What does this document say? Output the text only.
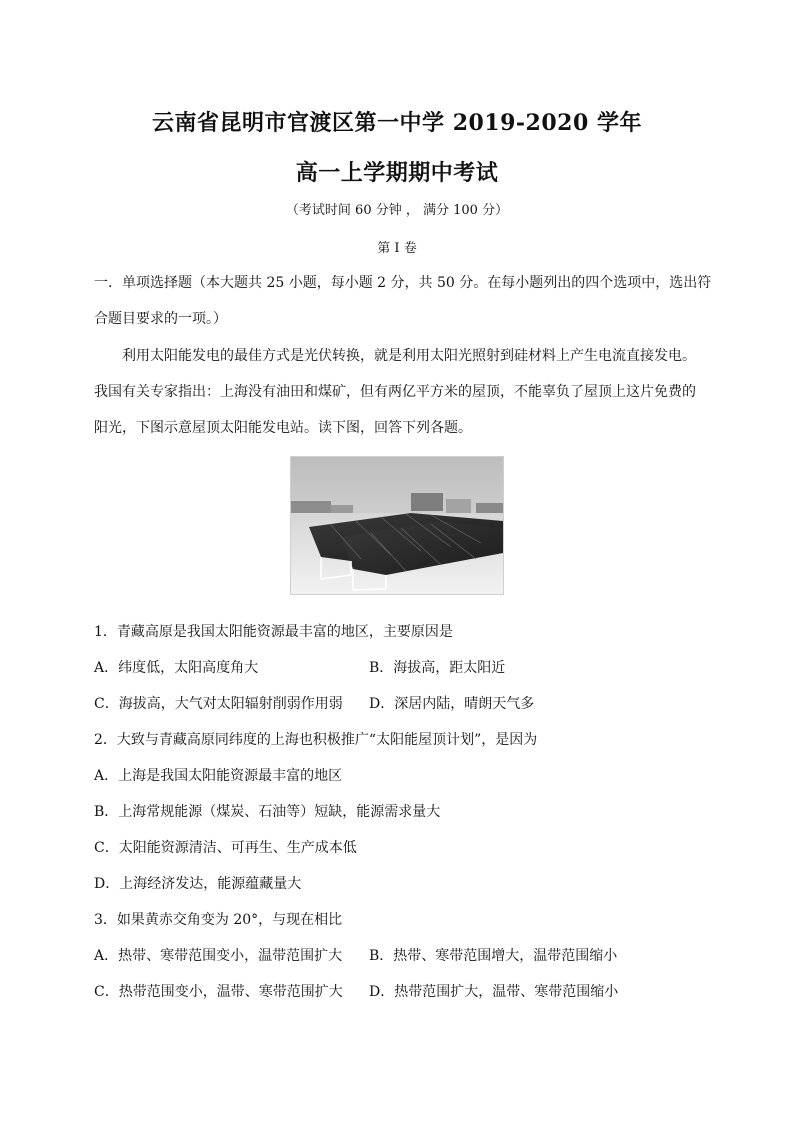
云南省昆明市官渡区第一中学 2019-2020 学年
高一上学期期中考试
（考试时间 60 分钟 ， 满分 100 分）
第 I 卷
一．单项选择题（本大题共 25 小题，每小题 2 分，共 50 分。在每小题列出的四个选项中，选出符
合题目要求的一项。）
利用太阳能发电的最佳方式是光伏转换，就是利用太阳光照射到硅材料上产生电流直接发电。
我国有关专家指出：上海没有油田和煤矿，但有两亿平方米的屋顶，不能辜负了屋顶上这片免费的
阳光，下图示意屋顶太阳能发电站。读下图，回答下列各题。
1．青藏高原是我国太阳能资源最丰富的地区，主要原因是
A．纬度低，太阳高度角大	B．海拔高，距太阳近
C．海拔高，大气对太阳辐射削弱作用弱 D．深居内陆，晴朗天气多
2．大致与青藏高原同纬度的上海也积极推广“太阳能屋顶计划”，是因为
A．上海是我国太阳能资源最丰富的地区
B．上海常规能源（煤炭、石油等）短缺，能源需求量大
C．太阳能资源清洁、可再生、生产成本低
D．上海经济发达，能源蕴藏量大
3．如果黄赤交角变为 20°，与现在相比
A．热带、寒带范围变小，温带范围扩大 B．热带、寒带范围增大，温带范围缩小
C．热带范围变小，温带、寒带范围扩大 D．热带范围扩大，温带、寒带范围缩小
